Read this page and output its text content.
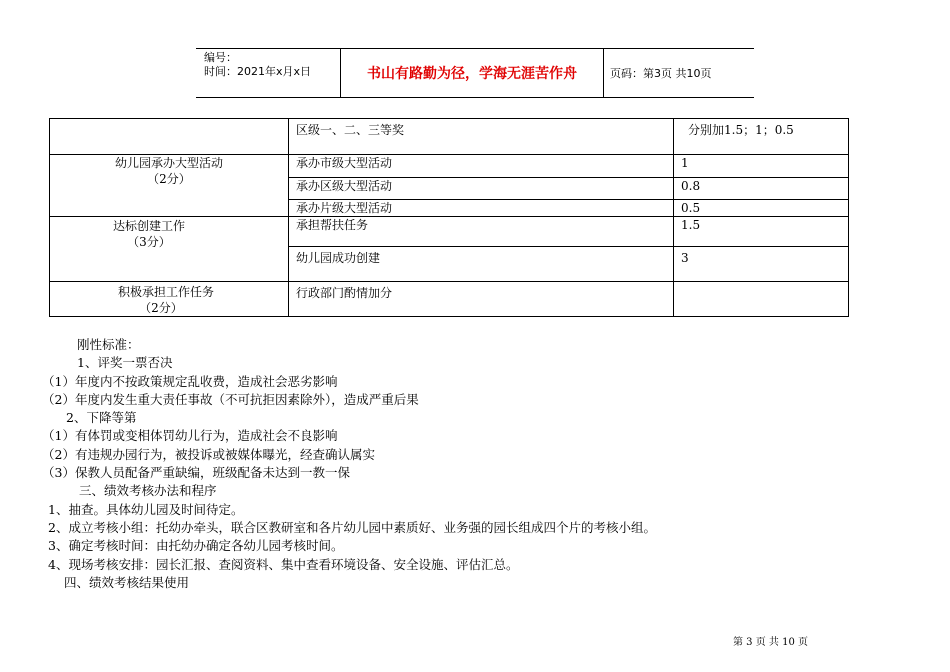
编号：
时间：2021年x月x日	书山有路勤为径，学海无涯苦作舟	页码：第3页 共10页
	区级一、二、三等奖	分别加1.5；1；0.5

幼儿园承办大型活动
（2分）	承办市级大型活动	1
	承办区级大型活动	0.8
	承办片级大型活动	0.5

达标创建工作
（3分）	承担帮扶任务	1.5
	幼儿园成功创建	3

积极承担工作任务
（2分）	行政部门酌情加分	
刚性标准：
1、评奖一票否决
（1）年度内不按政策规定乱收费，造成社会恶劣影响
（2）年度内发生重大责任事故（不可抗拒因素除外），造成严重后果
2、下降等第
（1）有体罚或变相体罚幼儿行为，造成社会不良影响
（2）有违规办园行为，被投诉或被媒体曝光，经查确认属实
（3）保教人员配备严重缺编，班级配备未达到一教一保
三、绩效考核办法和程序
1、抽查。具体幼儿园及时间待定。
2、成立考核小组：托幼办牵头，联合区教研室和各片幼儿园中素质好、业务强的园长组成四个片的考核小组。
3、确定考核时间：由托幼办确定各幼儿园考核时间。
4、现场考核安排：园长汇报、查阅资料、集中查看环境设备、安全设施、评估汇总。
四、绩效考核结果使用
第 3 页 共 10 页
